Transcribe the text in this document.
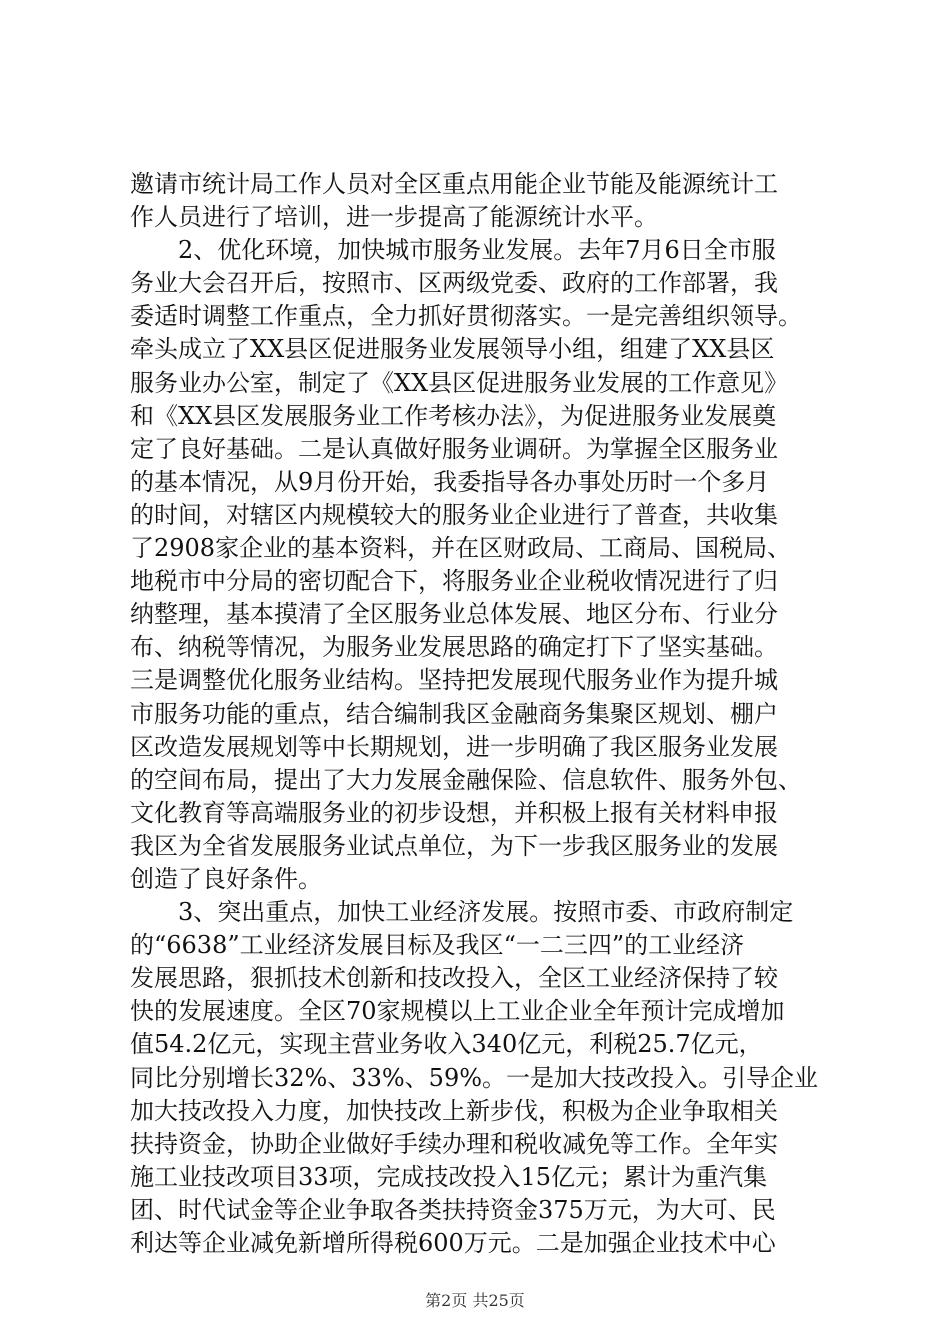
邀请市统计局工作人员对全区重点用能企业节能及能源统计工
作人员进行了培训，进一步提高了能源统计水平。
2、优化环境，加快城市服务业发展。去年7月6日全市服
务业大会召开后，按照市、区两级党委、政府的工作部署，我
委适时调整工作重点，全力抓好贯彻落实。一是完善组织领导。
牵头成立了XX县区促进服务业发展领导小组，组建了XX县区
服务业办公室，制定了《XX县区促进服务业发展的工作意见》
和《XX县区发展服务业工作考核办法》，为促进服务业发展奠
定了良好基础。二是认真做好服务业调研。为掌握全区服务业
的基本情况，从9月份开始，我委指导各办事处历时一个多月
的时间，对辖区内规模较大的服务业企业进行了普查，共收集
了2908家企业的基本资料，并在区财政局、工商局、国税局、
地税市中分局的密切配合下，将服务业企业税收情况进行了归
纳整理，基本摸清了全区服务业总体发展、地区分布、行业分
布、纳税等情况，为服务业发展思路的确定打下了坚实基础。
三是调整优化服务业结构。坚持把发展现代服务业作为提升城
市服务功能的重点，结合编制我区金融商务集聚区规划、棚户
区改造发展规划等中长期规划，进一步明确了我区服务业发展
的空间布局，提出了大力发展金融保险、信息软件、服务外包、
文化教育等高端服务业的初步设想，并积极上报有关材料申报
我区为全省发展服务业试点单位，为下一步我区服务业的发展
创造了良好条件。
3、突出重点，加快工业经济发展。按照市委、市政府制定
的“6638”工业经济发展目标及我区“一二三四”的工业经济
发展思路，狠抓技术创新和技改投入，全区工业经济保持了较
快的发展速度。全区70家规模以上工业企业全年预计完成增加
值54.2亿元，实现主营业务收入340亿元，利税25.7亿元，
同比分别增长32%、33%、59%。一是加大技改投入。引导企业
加大技改投入力度，加快技改上新步伐，积极为企业争取相关
扶持资金，协助企业做好手续办理和税收减免等工作。全年实
施工业技改项目33项，完成技改投入15亿元；累计为重汽集
团、时代试金等企业争取各类扶持资金375万元，为大可、民
利达等企业减免新增所得税600万元。二是加强企业技术中心
第2页 共25页
